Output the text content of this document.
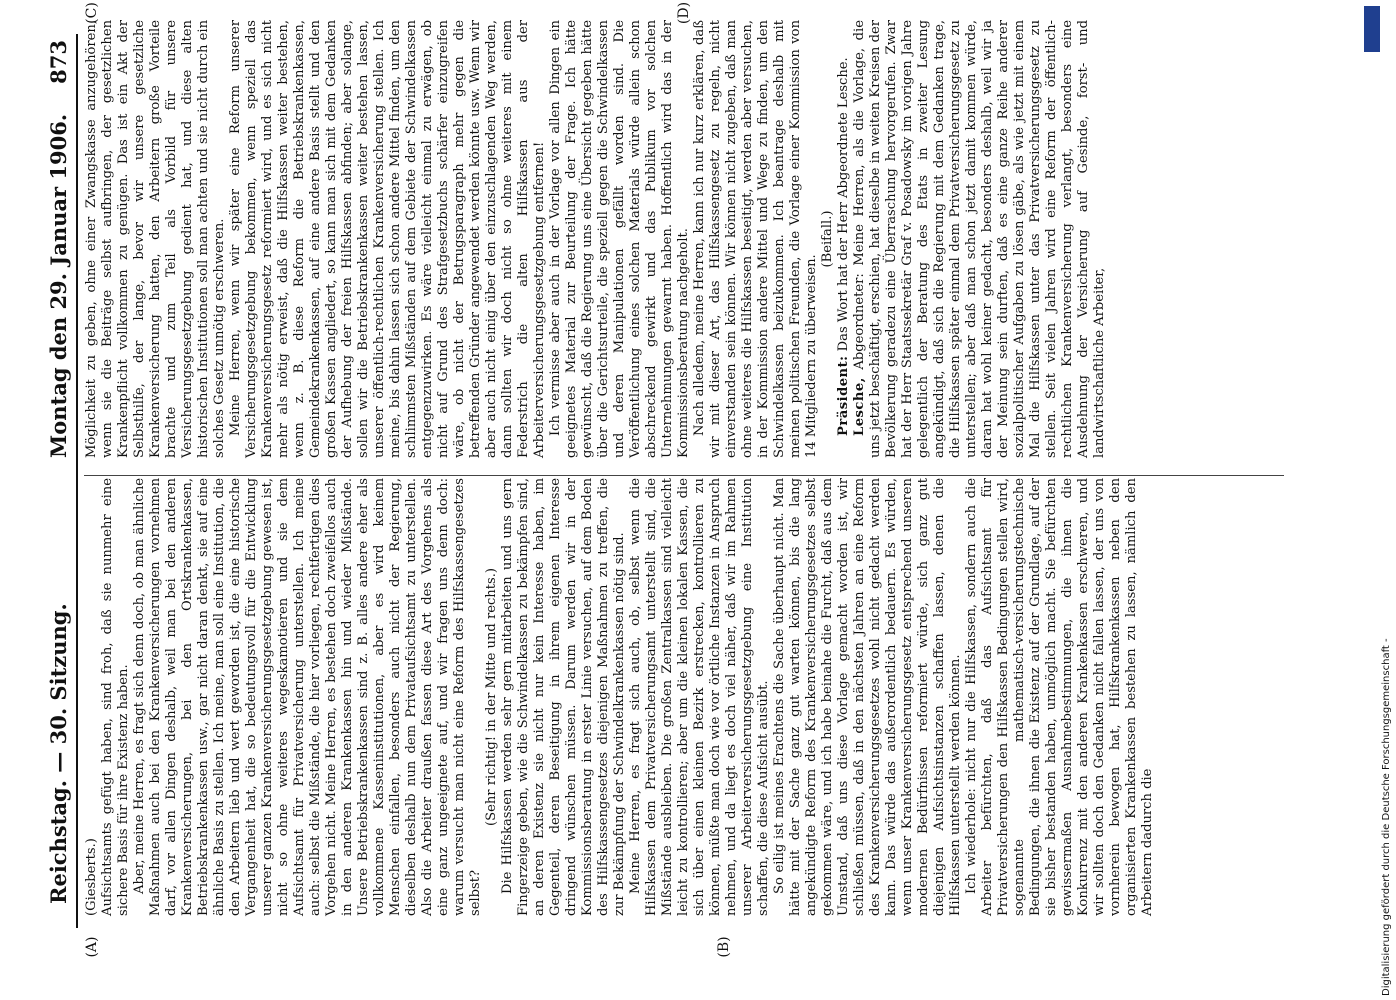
Reichstag. — 30. Sitzung.
Montag den 29. Januar 1906.
873
(A)	(B)

(Giesberts.) Aufsichtsamts gefügt haben, sind froh, daß sie nunmehr eine sichere Basis für ihre Existenz haben. Aber, meine Herren, es fragt sich denn doch, ob man ähnliche Maßnahmen auch bei den Krankenversicherungen vornehmen darf, vor allen Dingen deshalb, weil man bei den anderen Krankenversicherungen, bei den Ortskrankenkassen, Betriebskrankenkassen usw., gar nicht daran denkt, sie auf eine ähnliche Basis zu stellen. Ich meine, man soll eine Institution, die den Arbeitern lieb und wert geworden ist, die eine historische Vergangenheit hat, die so bedeutungsvoll für die Entwicklung unserer ganzen Krankenversicherungsgesetzgebung gewesen ist, nicht so ohne weiteres wegeskamotieren und sie dem Aufsichtsamt für Privatversicherung unterstellen. Ich meine auch: selbst die Mißstände, die hier vorliegen, rechtfertigen dies Vorgehen nicht. Meine Herren, es bestehen doch zweifellos auch in den anderen Krankenkassen hin und wieder Mißstände. Unsere Betriebskrankenkassen sind z. B. alles andere eher als vollkommene Kasseninstitutionen, aber es wird keinem Menschen einfallen, besonders auch nicht der Regierung, dieselben deshalb nun dem Privataufsichtsamt zu unterstellen. Also die Arbeiter draußen fassen diese Art des Vorgehens als eine ganz ungeeignete auf, und wir fragen uns denn doch: warum versucht man nicht eine Reform des Hilfskassengesetzes selbst?

(Sehr richtig! in der Mitte und rechts.) Die Hilfskassen werden sehr gern mitarbeiten und uns gern Fingerzeige geben, wie die Schwindelkassen zu bekämpfen sind, an deren Existenz sie nicht nur kein Interesse haben, im Gegenteil, deren Beseitigung in ihrem eigenen Interesse dringend wünschen müssen. Darum werden wir in der Kommissionsberatung in erster Linie versuchen, auf dem Boden des Hilfskassengesetzes diejenigen Maßnahmen zu treffen, die zur Bekämpfung der Schwindelkrankenkassen nötig sind. Meine Herren, es fragt sich auch, ob, selbst wenn die Hilfskassen dem Privatversicherungsamt unterstellt sind, die Mißstände ausbleiben. Die großen Zentralkassen sind vielleicht leicht zu kontrollieren; aber um die kleinen lokalen Kassen, die sich über einen kleinen Bezirk erstrecken, kontrollieren zu können, müßte man doch wie vor örtliche Instanzen in Anspruch nehmen, und da liegt es doch viel näher, daß wir im Rahmen unserer Arbeiterversicherungsgesetzgebung eine Institution schaffen, die diese Aufsicht ausübt. So eilig ist meines Erachtens die Sache überhaupt nicht. Man hätte mit der Sache ganz gut warten können, bis die lang angekündigte Reform des Krankenversicherungsgesetzes selbst gekommen wäre, und ich habe beinahe die Furcht, daß aus dem Umstand, daß uns diese Vorlage gemacht worden ist, wir schließen müssen, daß in den nächsten Jahren an eine Reform des Krankenversicherungsgesetzes wohl nicht gedacht werden kann. Das würde das außerordentlich bedauern. Es würden, wenn unser Krankenversicherungsgesetz entsprechend unseren modernen Bedürfnissen reformiert würde, sich ganz gut diejenigen Aufsichtsinstanzen schaffen lassen, denen die Hilfskassen unterstellt werden können. Ich wiederhole: nicht nur die Hilfskassen, sondern auch die Arbeiter befürchten, daß das Aufsichtsamt für Privatversicherungen den Hilfskassen Bedingungen stellen wird, sogenannte mathematisch-versicherungstechnische Bedingungen, die ihnen die Existenz auf der Grundlage, auf der sie bisher bestanden haben, unmöglich macht. Sie befürchten gewissermaßen Ausnahmebestimmungen, die ihnen die Konkurrenz mit den anderen Krankenkassen erschweren, und wir sollten doch den Gedanken nicht fallen lassen, der uns von vornherein bewogen hat, Hilfskrankenkassen neben den organisierten Krankenkassen bestehen zu lassen, nämlich den Arbeitern dadurch die

Möglichkeit zu geben, ohne einer Zwangskasse anzugehören, wenn sie die Beiträge selbst aufbringen, der gesetzlichen Krankenpflicht vollkommen zu genügen. Das ist ein Akt der Selbsthilfe, der lange, bevor wir unsere gesetzliche Krankenversicherung hatten, den Arbeitern große Vorteile brachte und zum Teil als Vorbild für unsere Versicherungsgesetzgebung gedient hat, und diese alten historischen Institutionen soll man achten und sie nicht durch ein solches Gesetz unnötig erschweren. Meine Herren, wenn wir später eine Reform unserer Versicherungsgesetzgebung bekommen, wenn speziell das Krankenversicherungsgesetz reformiert wird, und es sich nicht mehr als nötig erweist, daß die Hilfskassen weiter bestehen, wenn z. B. diese Reform die Betriebskrankenkassen, Gemeindekrankenkassen, auf eine andere Basis stellt und den großen Kassen angliedert, so kann man sich mit dem Gedanken der Aufhebung der freien Hilfskassen abfinden; aber solange, sollen wir die Betriebskrankenkassen weiter bestehen lassen, unserer öffentlich-rechtlichen Krankenversicherung stellen. Ich meine, bis dahin lassen sich schon andere Mittel finden, um den schlimmsten Mißständen auf dem Gebiete der Schwindelkassen entgegenzuwirken. Es wäre vielleicht einmal zu erwägen, ob nicht auf Grund des Strafgesetzbuchs schärfer einzugreifen wäre, ob nicht der Betrugsparagraph mehr gegen die betreffenden Gründer angewendet werden könnte usw. Wenn wir aber auch nicht einig über den einzuschlagenden Weg werden, dann sollten wir doch nicht so ohne weiteres mit einem Federstrich die alten Hilfskassen aus der Arbeiterversicherungsgesetzgebung entfernen! Ich vermisse aber auch in der Vorlage vor allen Dingen ein geeignetes Material zur Beurteilung der Frage. Ich hätte gewünscht, daß die Regierung uns eine Übersicht gegeben hätte über die Gerichtsurteile, die speziell gegen die Schwindelkassen und deren Manipulationen gefällt worden sind. Die Veröffentlichung eines solchen Materials würde allein schon abschreckend gewirkt und das Publikum vor solchen Unternehmungen gewarnt haben. Hoffentlich wird das in der Kommissionsberatung nachgeholt. Nach alledem, meine Herren, kann ich nur kurz erklären, daß wir mit dieser Art, das Hilfskassengesetz zu regeln, nicht einverstanden sein können. Wir können nicht zugeben, daß man ohne weiteres die Hilfskassen beseitigt, werden aber versuchen, in der Kommission andere Mittel und Wege zu finden, um den Schwindelkassen beizukommen. Ich beantrage deshalb mit meinen politischen Freunden, die Vorlage einer Kommission von 14 Mitgliedern zu überweisen.

(Beifall.)

Präsident: Das Wort hat der Herr Abgeordnete Lesche.

Lesche, Abgeordneter: Meine Herren, als die Vorlage, die uns jetzt beschäftigt, erschien, hat dieselbe in weiten Kreisen der Bevölkerung geradezu eine Überraschung hervorgerufen. Zwar hat der Herr Staatssekretär Graf v. Posadowsky im vorigen Jahre gelegentlich der Beratung des Etats in zweiter Lesung angekündigt, daß sich die Regierung mit dem Gedanken trage, die Hilfskassen später einmal dem Privatversicherungsgesetz zu unterstellen; aber daß man schon jetzt damit kommen würde, daran hat wohl keiner gedacht, besonders deshalb, weil wir ja der Meinung sein durften, daß es eine ganze Reihe anderer sozialpolitischer Aufgaben zu lösen gäbe, als wie jetzt mit einem Mal die Hilfskassen unter das Privatversicherungsgesetz zu stellen. Seit vielen Jahren wird eine Reform der öffentlich-rechtlichen Krankenversicherung verlangt, besonders eine Ausdehnung der Versicherung auf Gesinde, forst- und landwirtschaftliche Arbeiter,

(C)	(D)
Digitalisierung gefördert durch die Deutsche Forschungsgemeinschaft -
DFG
